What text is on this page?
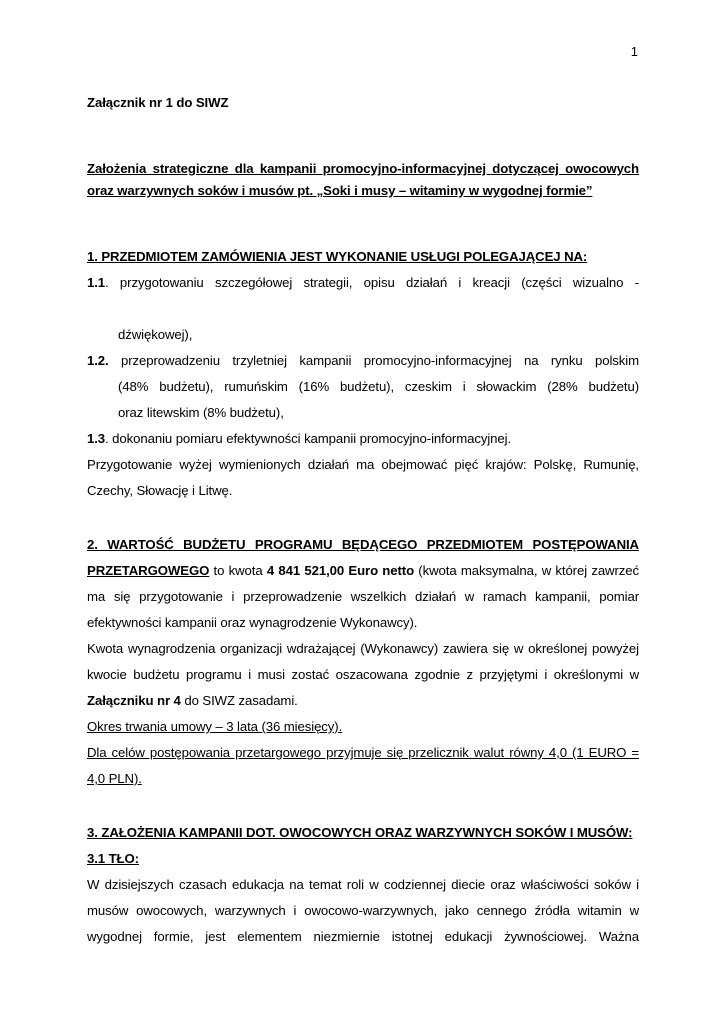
1

Załącznik nr 1 do SIWZ

Założenia strategiczne dla kampanii promocyjno-informacyjnej dotyczącej owocowych oraz warzywnych soków i musów pt. „Soki i musy – witaminy w wygodnej formie”

1. PRZEDMIOTEM ZAMÓWIENIA JEST WYKONANIE USŁUGI POLEGAJĄCEJ NA:

1.1. przygotowaniu szczegółowej strategii, opisu działań i kreacji (części wizualno -

dźwiękowej),

1.2. przeprowadzeniu trzyletniej kampanii promocyjno-informacyjnej na rynku polskim

(48% budżetu), rumuńskim (16% budżetu), czeskim i słowackim (28% budżetu)

oraz litewskim (8% budżetu),

1.3. dokonaniu pomiaru efektywności kampanii promocyjno-informacyjnej.

Przygotowanie wyżej wymienionych działań ma obejmować pięć krajów: Polskę, Rumunię, Czechy, Słowację i Litwę.

2. WARTOŚĆ BUDŻETU PROGRAMU BĘDĄCEGO PRZEDMIOTEM POSTĘPOWANIA PRZETARGOWEGO to kwota 4 841 521,00 Euro netto (kwota maksymalna, w której zawrzeć ma się przygotowanie i przeprowadzenie wszelkich działań w ramach kampanii, pomiar efektywności kampanii oraz wynagrodzenie Wykonawcy).

Kwota wynagrodzenia organizacji wdrażającej (Wykonawcy) zawiera się w określonej powyżej kwocie budżetu programu i musi zostać oszacowana zgodnie z przyjętymi i określonymi w Załączniku nr 4 do SIWZ zasadami.

Okres trwania umowy – 3 lata (36 miesięcy).

Dla celów postępowania przetargowego przyjmuje się przelicznik walut równy 4,0 (1 EURO = 4,0 PLN).

3. ZAŁOŻENIA KAMPANII DOT. OWOCOWYCH ORAZ WARZYWNYCH SOKÓW I MUSÓW:

3.1 TŁO:

W dzisiejszych czasach edukacja na temat roli w codziennej diecie oraz właściwości soków i musów owocowych, warzywnych i owocowo-warzywnych, jako cennego źródła witamin w wygodnej formie, jest elementem niezmiernie istotnej edukacji żywnościowej. Ważna
